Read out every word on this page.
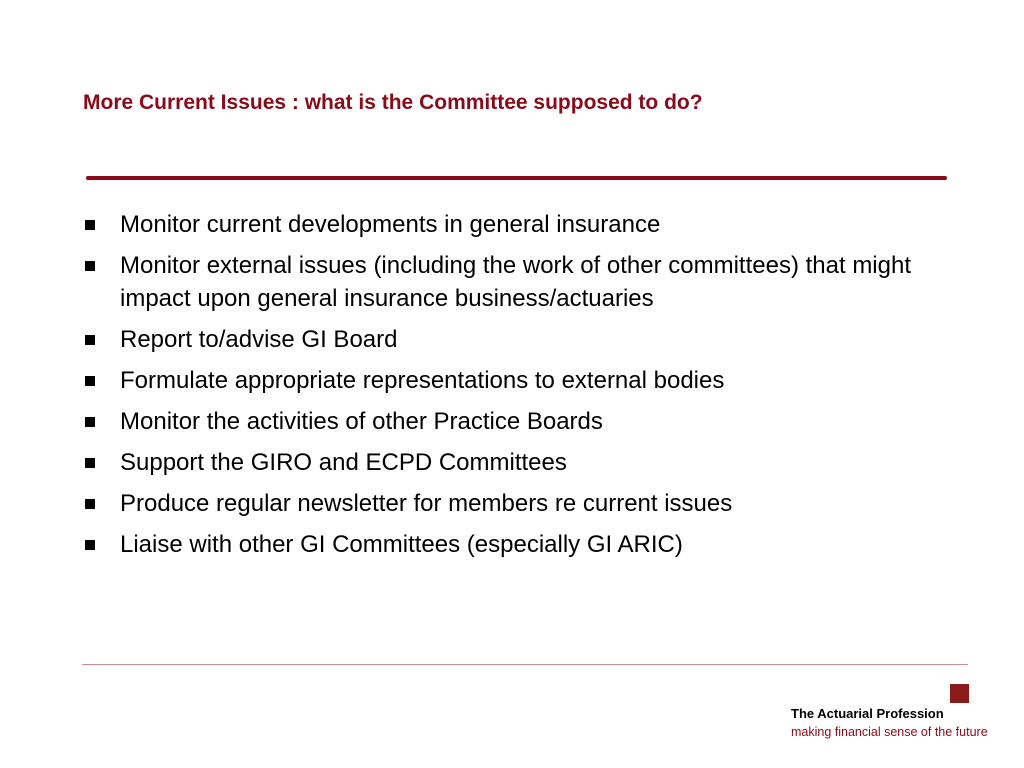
More Current Issues : what is the Committee supposed to do?
Monitor current developments in general insurance
Monitor external issues (including the work of other committees) that might impact upon general insurance business/actuaries
Report to/advise GI Board
Formulate appropriate representations to external bodies
Monitor the activities of other Practice Boards
Support the GIRO and ECPD Committees
Produce regular newsletter for members re current issues
Liaise with other GI Committees (especially GI ARIC)
The Actuarial Profession
making financial sense of the future
